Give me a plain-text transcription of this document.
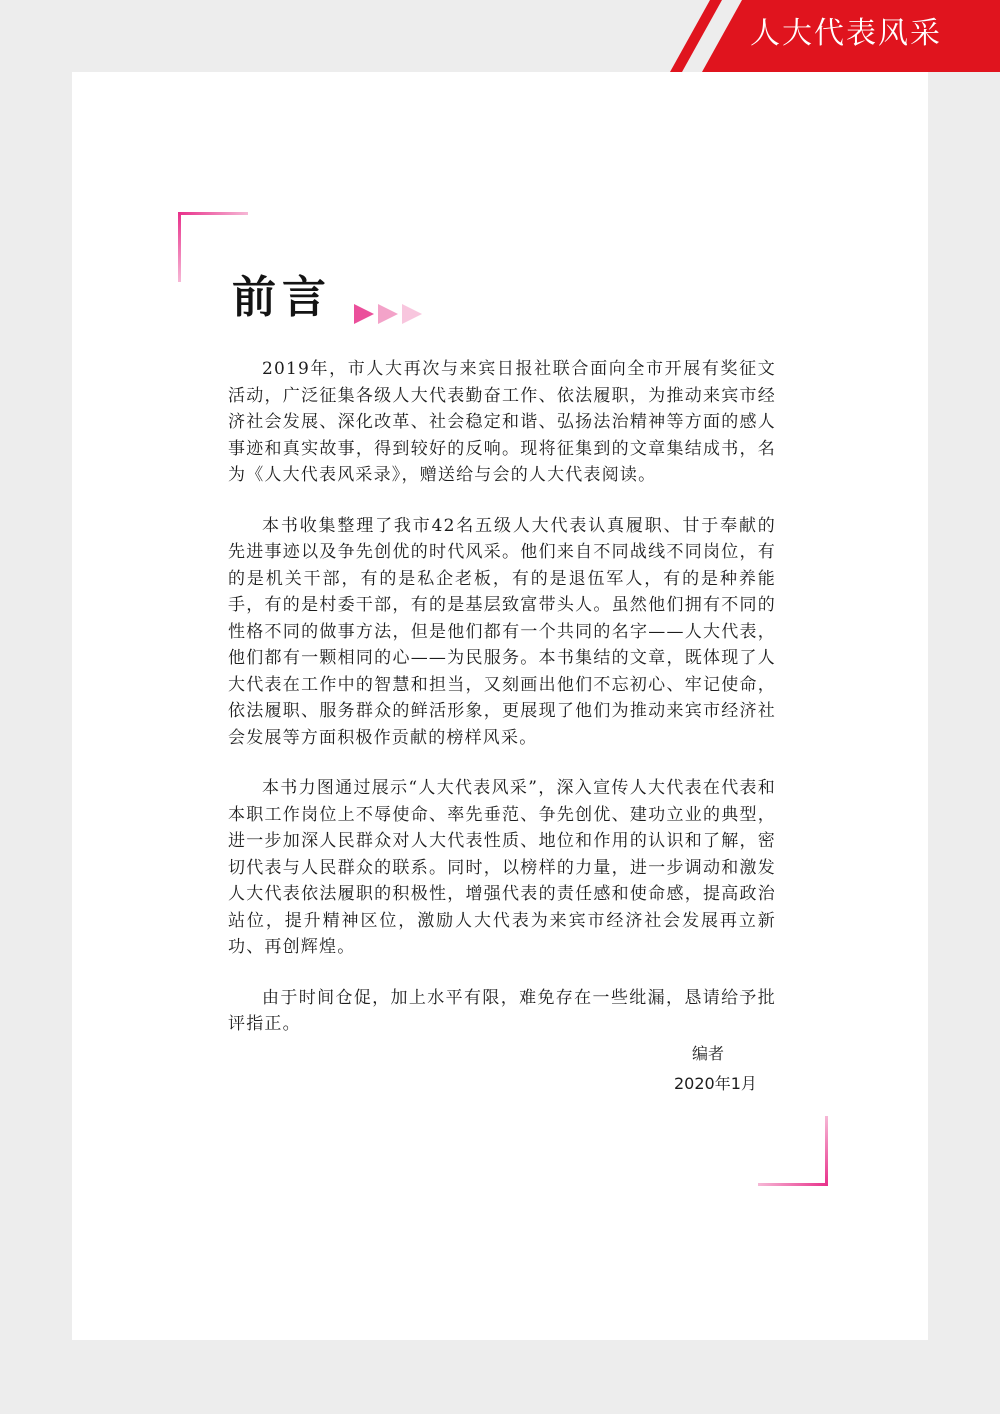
人大代表风采
前言

2019年，市人大再次与来宾日报社联合面向全市开展有奖征文活动，广泛征集各级人大代表勤奋工作、依法履职，为推动来宾市经济社会发展、深化改革、社会稳定和谐、弘扬法治精神等方面的感人事迹和真实故事，得到较好的反响。现将征集到的文章集结成书，名为《人大代表风采录》，赠送给与会的人大代表阅读。

本书收集整理了我市42名五级人大代表认真履职、甘于奉献的先进事迹以及争先创优的时代风采。他们来自不同战线不同岗位，有的是机关干部，有的是私企老板，有的是退伍军人，有的是种养能手，有的是村委干部，有的是基层致富带头人。虽然他们拥有不同的性格不同的做事方法，但是他们都有一个共同的名字——人大代表，他们都有一颗相同的心——为民服务。本书集结的文章，既体现了人大代表在工作中的智慧和担当，又刻画出他们不忘初心、牢记使命，依法履职、服务群众的鲜活形象，更展现了他们为推动来宾市经济社会发展等方面积极作贡献的榜样风采。

本书力图通过展示“人大代表风采”，深入宣传人大代表在代表和本职工作岗位上不辱使命、率先垂范、争先创优、建功立业的典型，进一步加深人民群众对人大代表性质、地位和作用的认识和了解，密切代表与人民群众的联系。同时，以榜样的力量，进一步调动和激发人大代表依法履职的积极性，增强代表的责任感和使命感，提高政治站位，提升精神区位，激励人大代表为来宾市经济社会发展再立新功、再创辉煌。

由于时间仓促，加上水平有限，难免存在一些纰漏，恳请给予批评指正。

编者
2020年1月
